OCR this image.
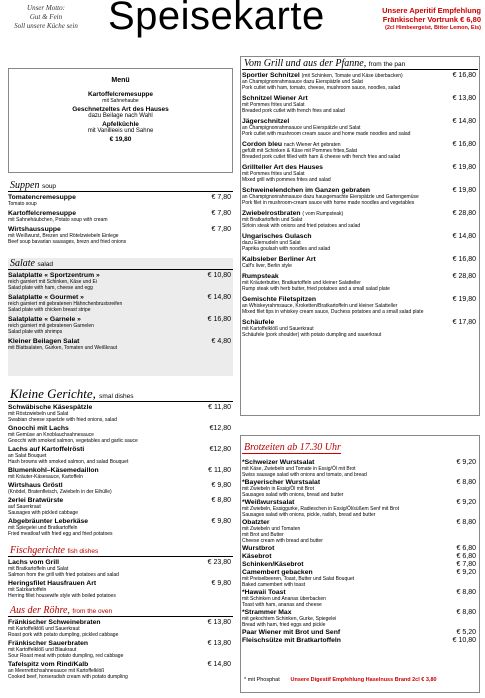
Unser Motto:
Gut & Fein
Soll unsere Küche sein Speisekarte	Unsere Aperitif Empfehlung
Fränkischer Vortrunk € 6,80
(2cl Himbeergeist, Bitter Lemon, Eis)
Menü
Kartoffelcremesuppe
mit Sahnehaube
Geschnetzeltes Art des Hauses
dazu Beilage nach Wahl
Apfelküchle
mit Vanilleeis und Sahne
€ 19,80
Suppen soup
Tomatencremesuppe
Tomato soup
€ 7,80
Kartoffelcremesuppe
mit Sahnehäubchen, Potato soup with cream
€ 7,80
Wirtshaussuppe
mit Weißwurst, Brezen und Rötelzwiebeln Einlege
Beef soup bavarian sausages, brezn and fried onions
€ 7,80
Salate salad
Salatplatte « Sportzentrum »
reich garniert mit Schinken, Käse und Ei
Salad plate with ham, cheese and egg
€ 10,80
Salatplatte « Gourmet »
reich garniert mit gebratenen Hähnchenbrustsreifen
Salad plate with chicken breast stripe
€ 14,80
Salatplatte « Garnele »
reich garniert mit gebratenen Garnelen
Salad plate with shrimps
€ 16,80
Kleiner Beilagen Salat
mit Blattsalaten, Gurken, Tomaten und Weißkraut
€ 4,80
Kleine Gerichte, smal dishes
Schwäbische Käsespätzle
mit Röstzwiebeln und Salat
Swabian cheese spaetzle with fried onions, salad
€ 11,80
Gnocchi mit Lachs
mit Gemüse an Knoblauchsahnesauce
Gnocchi with smoked salmon, vegetables and garlic sauce
€12,80
Lachs auf Kartoffelrösti
an Salat Bouquet
Hash browns with smoked salmon, and salad Bouquet
€12,80
Blumenkohl–Käsemedaillon
mit Kräuter-Käsesauce, Kartoffeln
€ 11,80
Wirtshaus Gröstl
(Knödel, Bratenfleisch, Zwiebeln in der Eihülle)
€ 9,80
2erlei Bratwürste
auf Sauerkraut
Sausages with pickled cabbage
€ 8,80
Abgebräunter Leberkäse
mit Spiegelei und Bratkartoffeln
Fried meatloaf with fried egg and fried potatoes
€ 9,80
Fischgerichte fish dishes
Lachs vom Grill
mit Bratkartoffeln und Salat
Salmon from the grill with fried potatoes and salad
€ 23,80
Heringsfilet Hausfrauen Art
mit Salzkartoffeln
Herring fillet housewife style with boiled potatoes
€ 9,80
Aus der Röhre, from the oven
Fränkischer Schweinebraten
mit Kartoffelklöß und Sauerkraut
Roast pork with potato dumpling, pickled cabbage
€ 13,80
Fränkischer Sauerbraten
mit Kartoffelklöß und Blaukraut
Sour Roast meat with potato dumpling, red cabbage
€ 13,80
Tafelspitz vom Rind/Kalb
an Meerrettichsahnesauce mit Kartoffelklöß
Cooked beef, horseradish cream with potato dumpling
€ 14,80
Vom Grill und aus der Pfanne, from the pan
Sportler Schnitzel (mit Schinken, Tomate und Käse überbacken)
an Champignonrahmsauce dazu Eierspätzle und Salat
Pork cutlet with ham, tomato, cheese, mushroom sauce, noodles, salad
€ 16,80
Schnitzel Wiener Art
mit Pommes frites und Salat
Breaded pork cutlet with french fries and salad
€ 13,80
Jägerschnitzel
an Champignonrahmsauce und Eierspätzle und Salat
Pork cutlet with mushroom cream sauce and home made noodles and salad
€ 14,80
Cordon bleu nach Wiener Art gebraten
gefüllt mit Schinken & Käse mit Pommes frites,Salat
Breaded pork cutlet filled with ham & cheese with french fries and salad
€ 16,80
Grillteller Art des Hauses
mit Pommes frites und Salat
Mixed grill with pommes frites and salad
€ 19,80
Schweinelendchen im Ganzen gebraten
an Champignonrahmsauce dazu hausgemachte Eierspätzle und Gartengemüse
Pork filet in mushroom-cream sauce with home made noodles and vegetables
€ 19,80
Zwiebelrostbraten ( vom Rumpsteak)
mit Bratkartoffeln und Salat
Sirloin steak with onions and fried potatoes and salad
€ 28,80
Ungarisches Gulasch
dazu Eiernudeln und Salat
Paprika goulash with noodles and salad
€ 14,80
Kalbsleber Berliner Art
Calf's liver, Berlin style
€ 16,80
Rumpsteak
mit Kräuterbutter, Bratkartoffeln und kleiner Salatteller
Rump steak with herb butter, fried potatoes and a small salad plate
€ 28,80
Gemischte Filetspitzen
an Whiskeyrahmsauce, Kroketten/Bratkartoffeln und kleiner Salatteller
Mixed filet tips in whiskey cream sauce, Duchess potatoes and a small salad plate
€ 19,80
Schäufele
mit Kartoffelklöß und Sauerkraut
Schäufele (pork shoulder) with potato dumpling and sauerkraut
€ 17,80
Brotzeiten ab 17.30 Uhr
*Schweizer Wurstsalat
mit Käse, Zwiebeln und Tomate in Essig/Öl mit Brot
Swiss sausage salad with onions and tomato, and bread
€ 9,20
*Bayerischer Wurstsalat
mit Zwiebeln in Essig/Öl mit Brot
Sausages salad with onions, bread and butter
€ 8,80
*Weißwurstsalat
mit Zwiebeln, Essiggurke, Radieschen in Essig/Öl/süßem Senf mit Brot
Sausages salad with onions, pickle, radish, bread and butter
€ 9,20
Obatzter
mit Zwiebeln und Tomaten
mit Brot und Butter
Cheese cream with bread and butter
€ 8,80
Wurstbrot	€ 6,80
Käsebrot	€ 6,80
Schinken/Käsebrot	€ 7,80
Camembert gebacken
mit Preiselbeeren, Toast, Butter und Salat Bouquet
Baked camembert with toast
€ 9,20
*Hawaii Toast
mit Schinken und Ananas überbacken
Toast with ham, ananas and cheese
€ 8,80
*Strammer Max
mit gekochtem Schinken, Gurke, Spiegelei
Bread with ham, fried eggs and pickle
€ 8,80
Paar Wiener mit Brot und Senf	€ 5,20
Fleischsülze mit Bratkartoffeln	€ 10,80
* mit Phosphat Unsere Digestif Empfehlung Haselnuss Brand 2cl € 3,80
